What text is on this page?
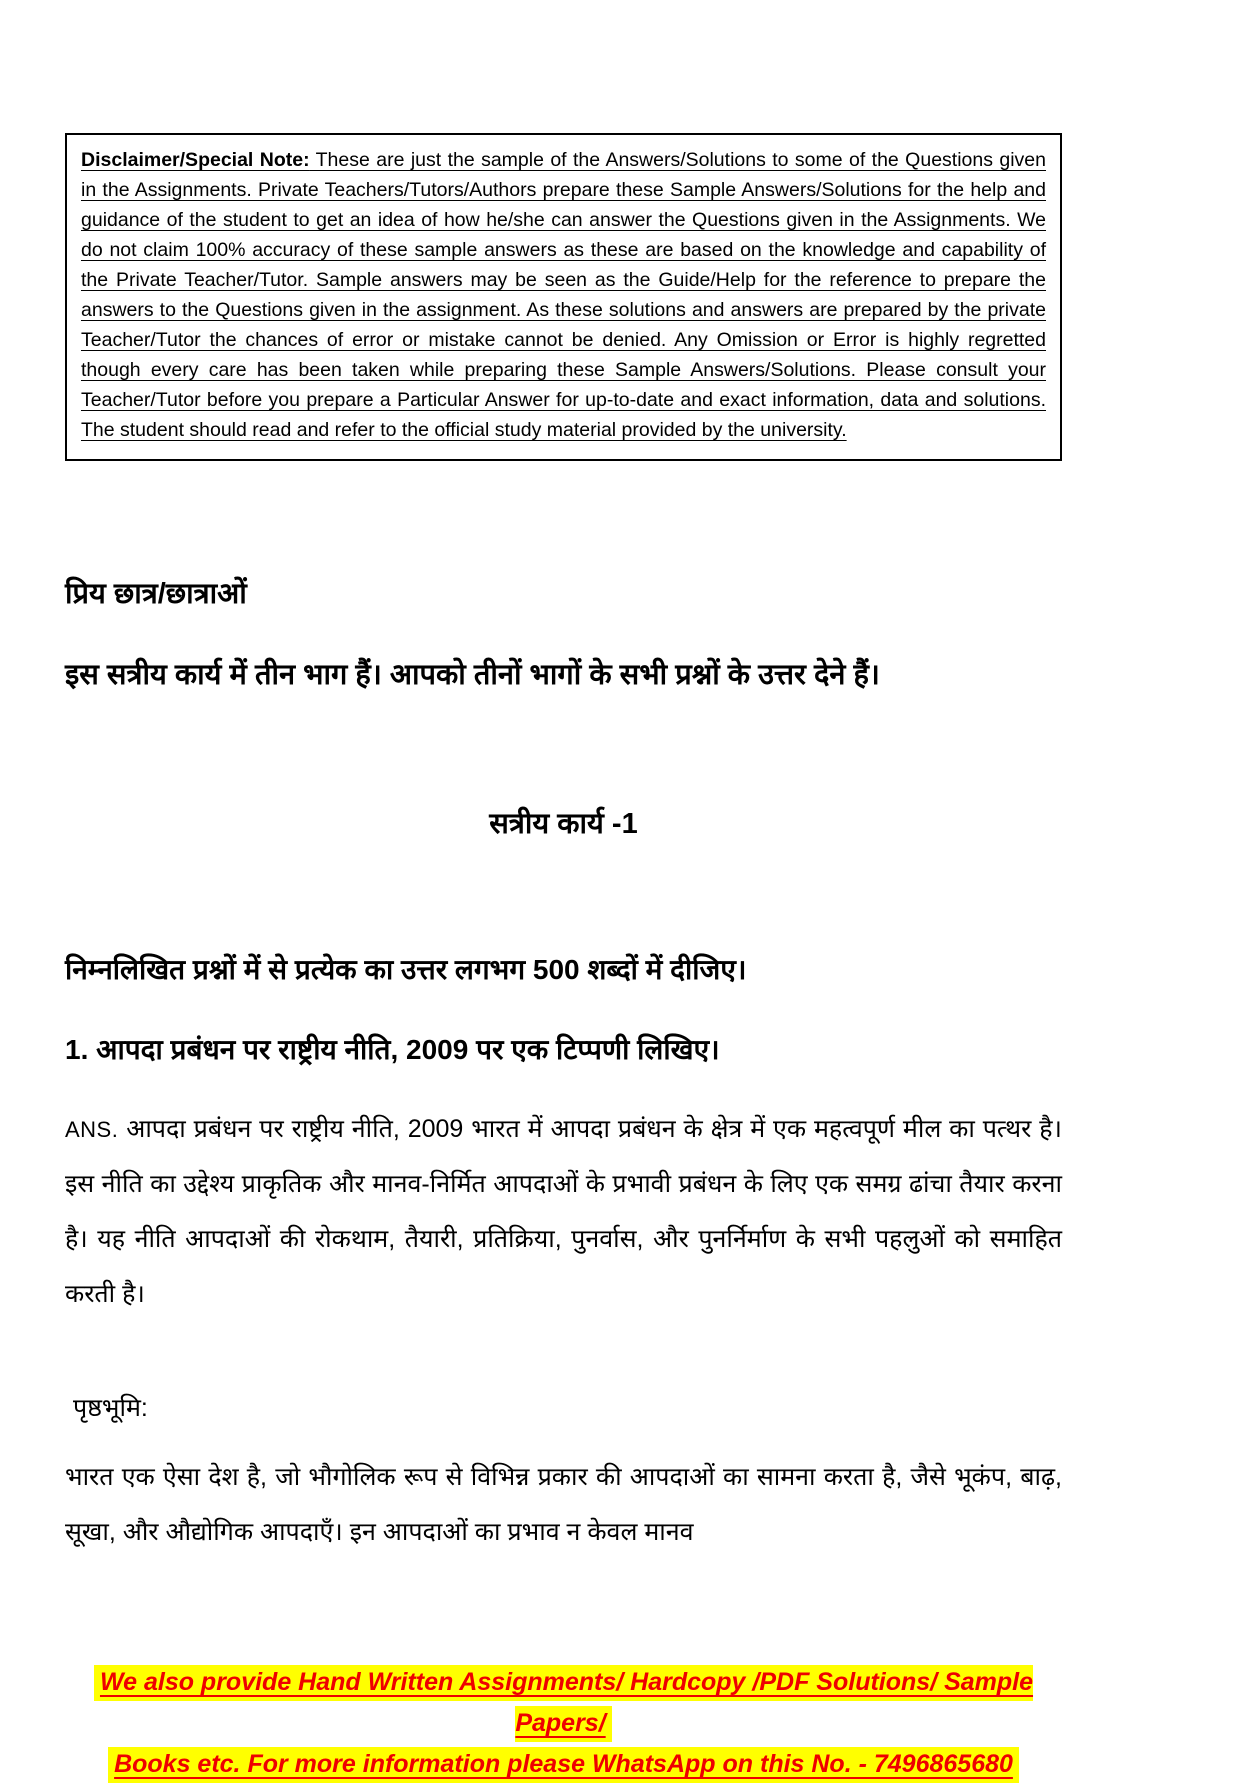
Disclaimer/Special Note: These are just the sample of the Answers/Solutions to some of the Questions given in the Assignments. Private Teachers/Tutors/Authors prepare these Sample Answers/Solutions for the help and guidance of the student to get an idea of how he/she can answer the Questions given in the Assignments. We do not claim 100% accuracy of these sample answers as these are based on the knowledge and capability of the Private Teacher/Tutor. Sample answers may be seen as the Guide/Help for the reference to prepare the answers to the Questions given in the assignment. As these solutions and answers are prepared by the private Teacher/Tutor the chances of error or mistake cannot be denied. Any Omission or Error is highly regretted though every care has been taken while preparing these Sample Answers/Solutions. Please consult your Teacher/Tutor before you prepare a Particular Answer for up-to-date and exact information, data and solutions. The student should read and refer to the official study material provided by the university.

प्रिय छात्र/छात्राओं
इस सत्रीय कार्य में तीन भाग हैं। आपको तीनों भागों के सभी प्रश्नों के उत्तर देने हैं।
सत्रीय कार्य -1
निम्नलिखित प्रश्नों में से प्रत्येक का उत्तर लगभग 500 शब्दों में दीजिए।
1. आपदा प्रबंधन पर राष्ट्रीय नीति, 2009 पर एक टिप्पणी लिखिए।

ANS. आपदा प्रबंधन पर राष्ट्रीय नीति, 2009 भारत में आपदा प्रबंधन के क्षेत्र में एक महत्वपूर्ण मील का पत्थर है। इस नीति का उद्देश्य प्राकृतिक और मानव-निर्मित आपदाओं के प्रभावी प्रबंधन के लिए एक समग्र ढांचा तैयार करना है। यह नीति आपदाओं की रोकथाम, तैयारी, प्रतिक्रिया, पुनर्वास, और पुनर्निर्माण के सभी पहलुओं को समाहित करती है।

पृष्ठभूमि:

भारत एक ऐसा देश है, जो भौगोलिक रूप से विभिन्न प्रकार की आपदाओं का सामना करता है, जैसे भूकंप, बाढ़, सूखा, और औद्योगिक आपदाएँ। इन आपदाओं का प्रभाव न केवल मानव

We also provide Hand Written Assignments/ Hardcopy /PDF Solutions/ Sample Papers/
Books etc. For more information please WhatsApp on this No. - 7496865680
